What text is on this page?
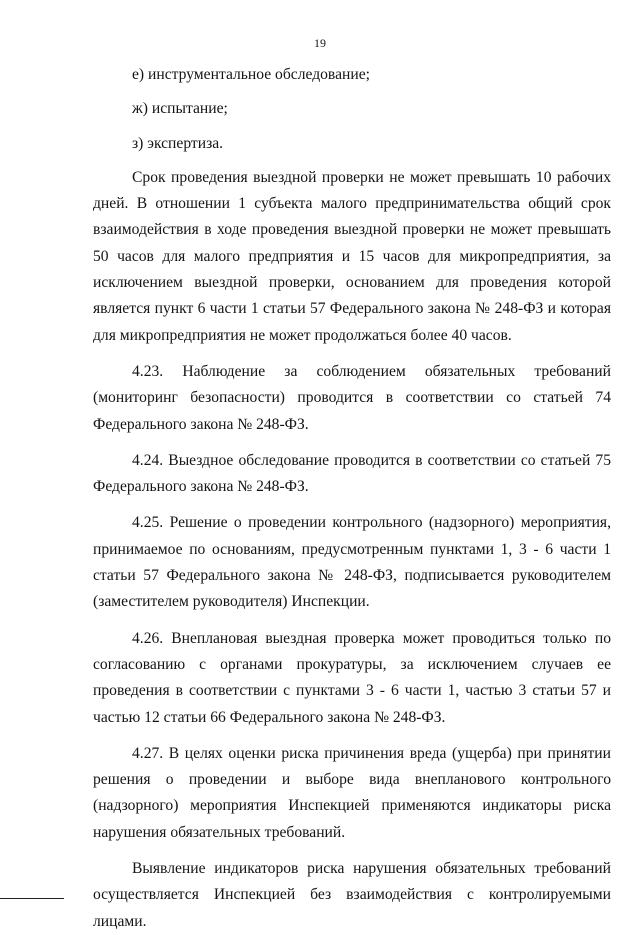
19

е) инструментальное обследование;

ж) испытание;

з) экспертиза.

Срок проведения выездной проверки не может превышать 10 рабочих дней. В отношении 1 субъекта малого предпринимательства общий срок взаимодействия в ходе проведения выездной проверки не может превышать 50 часов для малого предприятия и 15 часов для микропредприятия, за исключением выездной проверки, основанием для проведения которой является пункт 6 части 1 статьи 57 Федерального закона № 248-ФЗ и которая для микропредприятия не может продолжаться более 40 часов.

4.23. Наблюдение за соблюдением обязательных требований (мониторинг безопасности) проводится в соответствии со статьей 74 Федерального закона № 248-ФЗ.

4.24. Выездное обследование проводится в соответствии со статьей 75 Федерального закона № 248-ФЗ.

4.25. Решение о проведении контрольного (надзорного) мероприятия, принимаемое по основаниям, предусмотренным пунктами 1, 3 - 6 части 1 статьи 57 Федерального закона № 248-ФЗ, подписывается руководителем (заместителем руководителя) Инспекции.

4.26. Внеплановая выездная проверка может проводиться только по согласованию с органами прокуратуры, за исключением случаев ее проведения в соответствии с пунктами 3 - 6 части 1, частью 3 статьи 57 и частью 12 статьи 66 Федерального закона № 248-ФЗ.

4.27. В целях оценки риска причинения вреда (ущерба) при принятии решения о проведении и выборе вида внепланового контрольного (надзорного) мероприятия Инспекцией применяются индикаторы риска нарушения обязательных требований.

Выявление индикаторов риска нарушения обязательных требований осуществляется Инспекцией без взаимодействия с контролируемыми лицами.
